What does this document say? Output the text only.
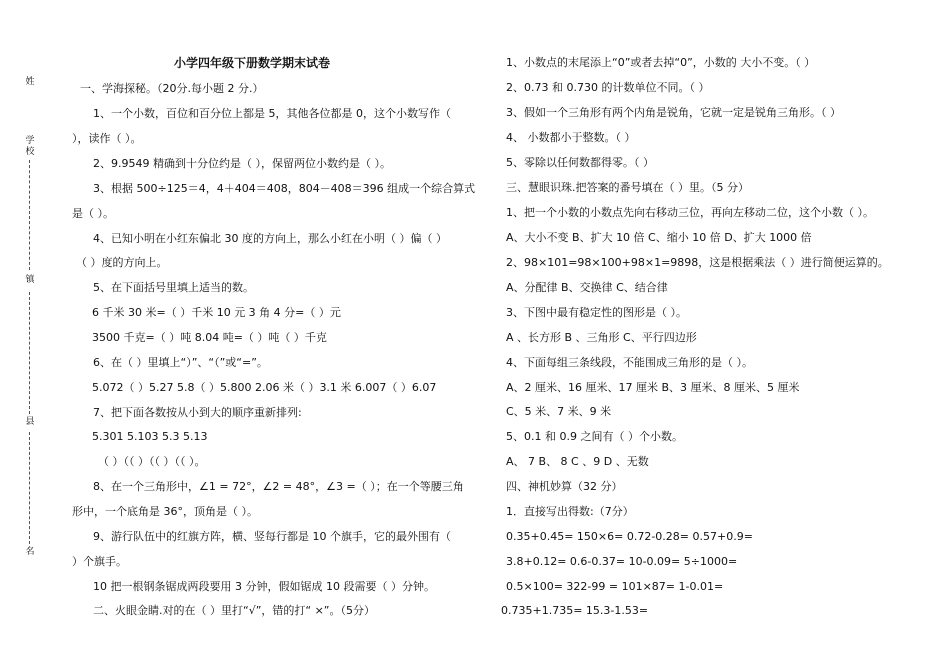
姓
学校
镇
县
名
小学四年级下册数学期末试卷
一、学海探秘。（20分.每小题 2 分.）
1、一个小数，百位和百分位上都是 5，其他各位都是 0，这个小数写作（
），读作（ ）。
2、9.9549 精确到十分位约是（ ），保留两位小数约是（ ）。
3、根据 500÷125＝4，4＋404＝408，804－408＝396 组成一个综合算式
是（ ）。
4、已知小明在小红东偏北 30 度的方向上，那么小红在小明（ ）偏（ ）
（ ）度的方向上。
5、在下面括号里填上适当的数。
6 千米 30 米=（ ）千米 10 元 3 角 4 分=（ ）元
3500 千克=（ ）吨 8.04 吨=（ ）吨（ ）千克
6、在（ ）里填上“）”、“（”或“=”。
5.072（ ）5.27 5.8（ ）5.800 2.06 米（ ）3.1 米 6.007（ ）6.07
7、把下面各数按从小到大的顺序重新排列:
5.301 5.103 5.3 5.13
（ ）（（ ）（（ ）（（ ）。
8、在一个三角形中，∠1 = 72°，∠2 = 48°，∠3 =（ ）；在一个等腰三角
形中，一个底角是 36°，顶角是（ ）。
9、游行队伍中的红旗方阵，横、竖每行都是 10 个旗手，它的最外围有（
）个旗手。
10 把一根钢条锯成两段要用 3 分钟，假如锯成 10 段需要（ ）分钟。
二、火眼金睛.对的在（ ）里打“√”，错的打“ ×”。（5分）
1、小数点的末尾添上“0”或者去掉“0”，小数的 大小不变。（ ）
2、0.73 和 0.730 的计数单位不同。（ ）
3、假如一个三角形有两个内角是锐角，它就一定是锐角三角形。（ ）
4、 小数都小于整数。（ ）
5、零除以任何数都得零。（ ）
三、慧眼识珠.把答案的番号填在（ ）里。（5 分）
1、把一个小数的小数点先向右移动三位，再向左移动二位，这个小数（ ）。
A、大小不变 B、扩大 10 倍 C、缩小 10 倍 D、扩大 1000 倍
2、98×101=98×100+98×1=9898，这是根据乘法（ ）进行简便运算的。
A、分配律 B、交换律 C、结合律
3、下图中最有稳定性的图形是（ ）。
A 、长方形 B 、三角形 C、平行四边形
4、下面每组三条线段，不能围成三角形的是（ ）。
A、2 厘米、16 厘米、17 厘米 B、3 厘米、8 厘米、5 厘米
C、5 米、7 米、9 米
5、0.1 和 0.9 之间有（ ）个小数。
A、 7 B、 8 C 、9 D 、无数
四、神机妙算（32 分）
1．直接写出得数:（7分）
0.35+0.45= 150×6= 0.72-0.28= 0.57+0.9=
3.8+0.12= 0.6-0.37= 10-0.09= 5÷1000=
0.5×100= 322-99 = 101×87= 1-0.01=
0.735+1.735= 15.3-1.53=
